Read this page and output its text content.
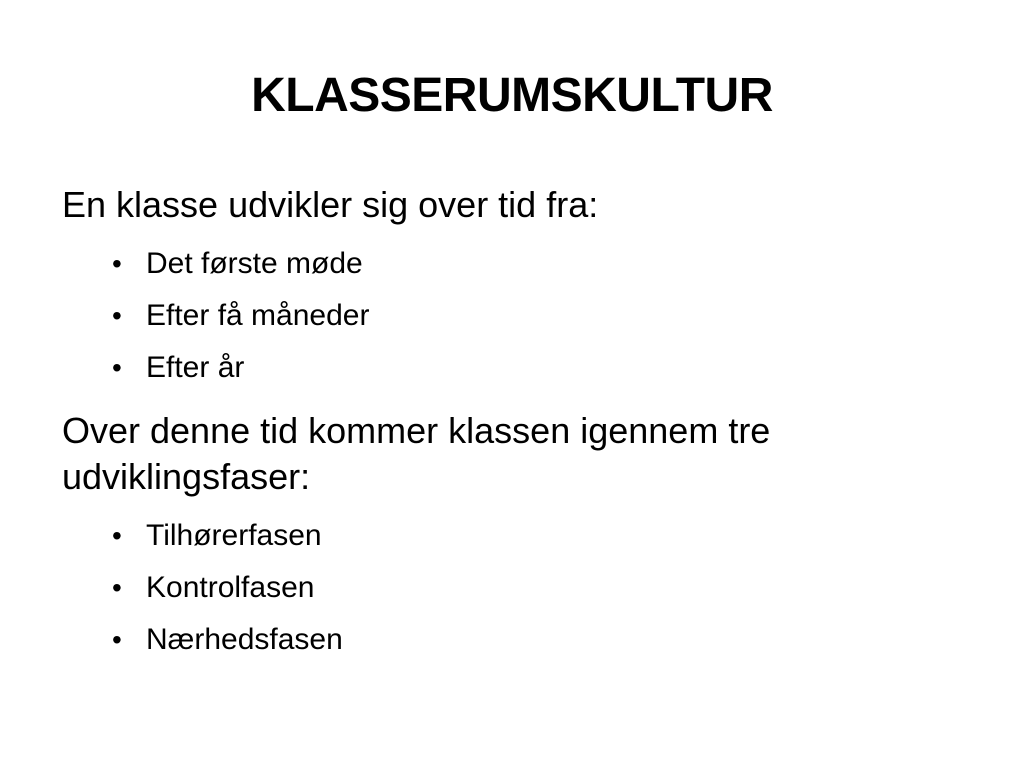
KLASSERUMSKULTUR

En klasse udvikler sig over tid fra:

• Det første møde
• Efter få måneder
• Efter år

Over denne tid kommer klassen igennem tre udviklingsfaser:

• Tilhørerfasen
• Kontrolfasen
• Nærhedsfasen
